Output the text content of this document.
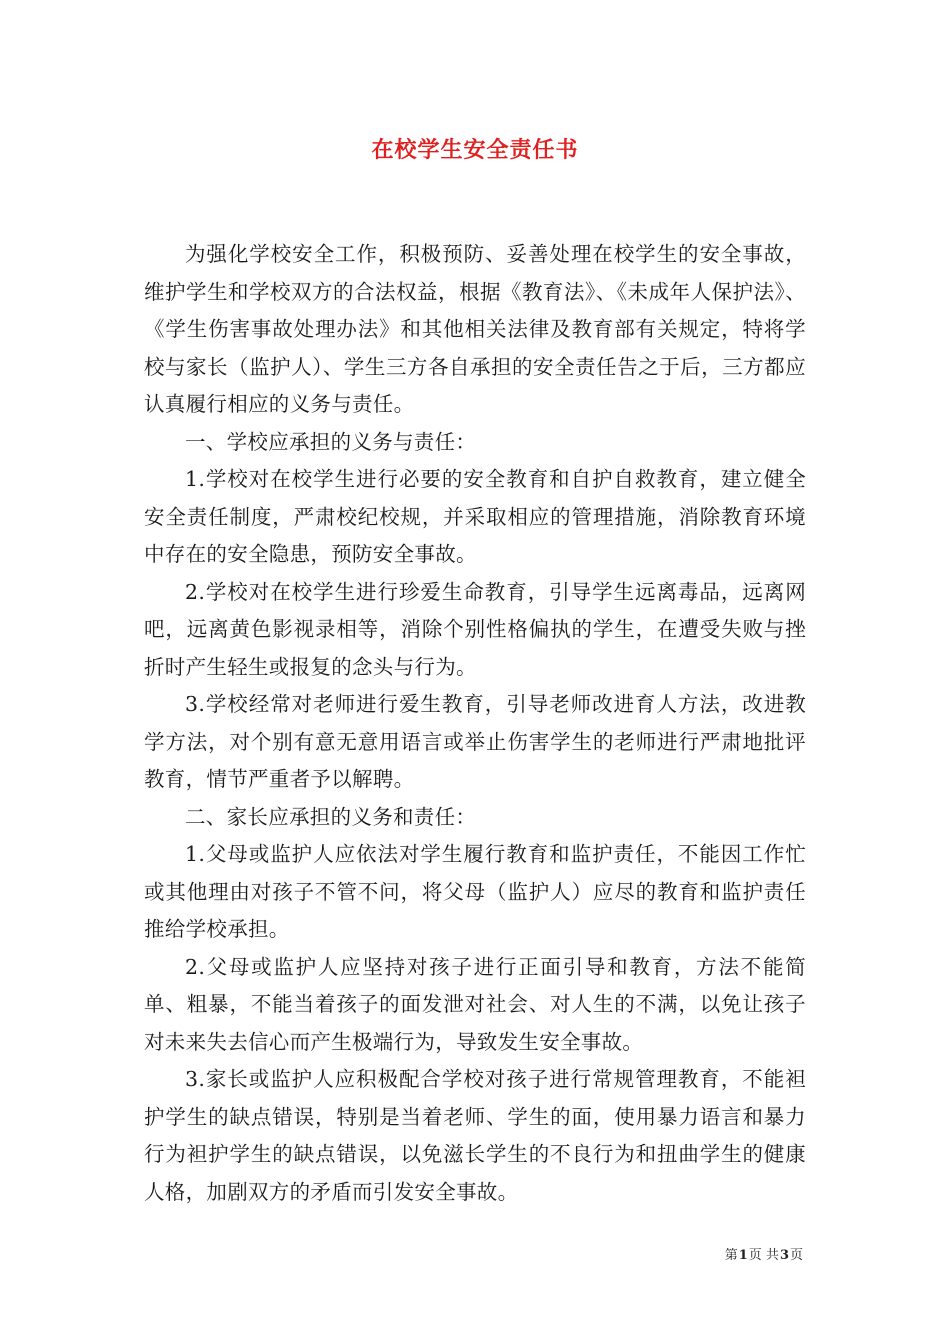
在校学生安全责任书

为强化学校安全工作，积极预防、妥善处理在校学生的安全事故，维护学生和学校双方的合法权益，根据《教育法》、《未成年人保护法》、《学生伤害事故处理办法》和其他相关法律及教育部有关规定，特将学校与家长（监护人）、学生三方各自承担的安全责任告之于后，三方都应认真履行相应的义务与责任。

一、学校应承担的义务与责任：

1.学校对在校学生进行必要的安全教育和自护自救教育，建立健全安全责任制度，严肃校纪校规，并采取相应的管理措施，消除教育环境中存在的安全隐患，预防安全事故。

2.学校对在校学生进行珍爱生命教育，引导学生远离毒品，远离网吧，远离黄色影视录相等，消除个别性格偏执的学生，在遭受失败与挫折时产生轻生或报复的念头与行为。

3.学校经常对老师进行爱生教育，引导老师改进育人方法，改进教学方法，对个别有意无意用语言或举止伤害学生的老师进行严肃地批评教育，情节严重者予以解聘。

二、家长应承担的义务和责任：

1.父母或监护人应依法对学生履行教育和监护责任，不能因工作忙或其他理由对孩子不管不问，将父母（监护人）应尽的教育和监护责任推给学校承担。

2.父母或监护人应坚持对孩子进行正面引导和教育，方法不能简单、粗暴，不能当着孩子的面发泄对社会、对人生的不满，以免让孩子对未来失去信心而产生极端行为，导致发生安全事故。

3.家长或监护人应积极配合学校对孩子进行常规管理教育，不能袒护学生的缺点错误，特别是当着老师、学生的面，使用暴力语言和暴力行为袒护学生的缺点错误，以免滋长学生的不良行为和扭曲学生的健康人格，加剧双方的矛盾而引发安全事故。

第1页 共3页
